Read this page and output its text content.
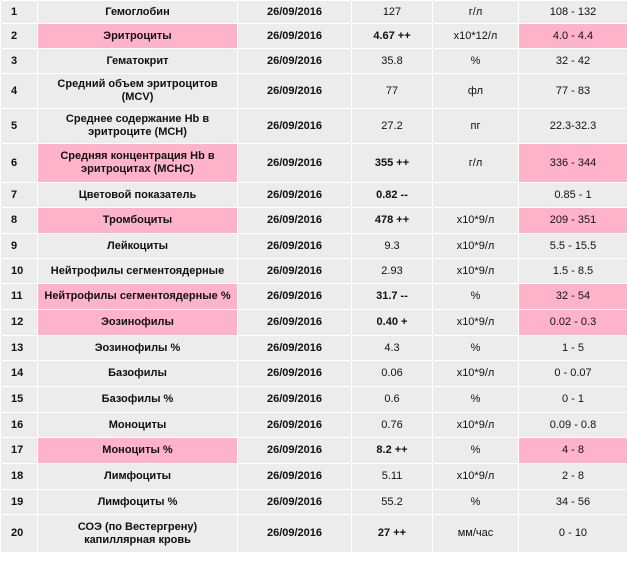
1	Гемоглобин	26/09/2016	127	г/л	108 - 132
2	Эритроциты	26/09/2016	4.67 ++	x10*12/л	4.0 - 4.4
3	Гематокрит	26/09/2016	35.8	%	32 - 42
4	Средний объем эритроцитов (MCV)	26/09/2016	77	фл	77 - 83
5	Среднее содержание Hb в эритроците (MCH)	26/09/2016	27.2	пг	22.3-32.3
6	Средняя концентрация Hb в эритроцитах (MCHC)	26/09/2016	355 ++	г/л	336 - 344
7	Цветовой показатель	26/09/2016	0.82 --		0.85 - 1
8	Тромбоциты	26/09/2016	478 ++	x10*9/л	209 - 351
9	Лейкоциты	26/09/2016	9.3	x10*9/л	5.5 - 15.5
10	Нейтрофилы сегментоядерные	26/09/2016	2.93	x10*9/л	1.5 - 8.5
11	Нейтрофилы сегментоядерные %	26/09/2016	31.7 --	%	32 - 54
12	Эозинофилы	26/09/2016	0.40 +	x10*9/л	0.02 - 0.3
13	Эозинофилы %	26/09/2016	4.3	%	1 - 5
14	Базофилы	26/09/2016	0.06	x10*9/л	0 - 0.07
15	Базофилы %	26/09/2016	0.6	%	0 - 1
16	Моноциты	26/09/2016	0.76	x10*9/л	0.09 - 0.8
17	Моноциты %	26/09/2016	8.2 ++	%	4 - 8
18	Лимфоциты	26/09/2016	5.11	x10*9/л	2 - 8
19	Лимфоциты %	26/09/2016	55.2	%	34 - 56
20	СОЭ (по Вестергрену) капиллярная кровь	26/09/2016	27 ++	мм/час	0 - 10
